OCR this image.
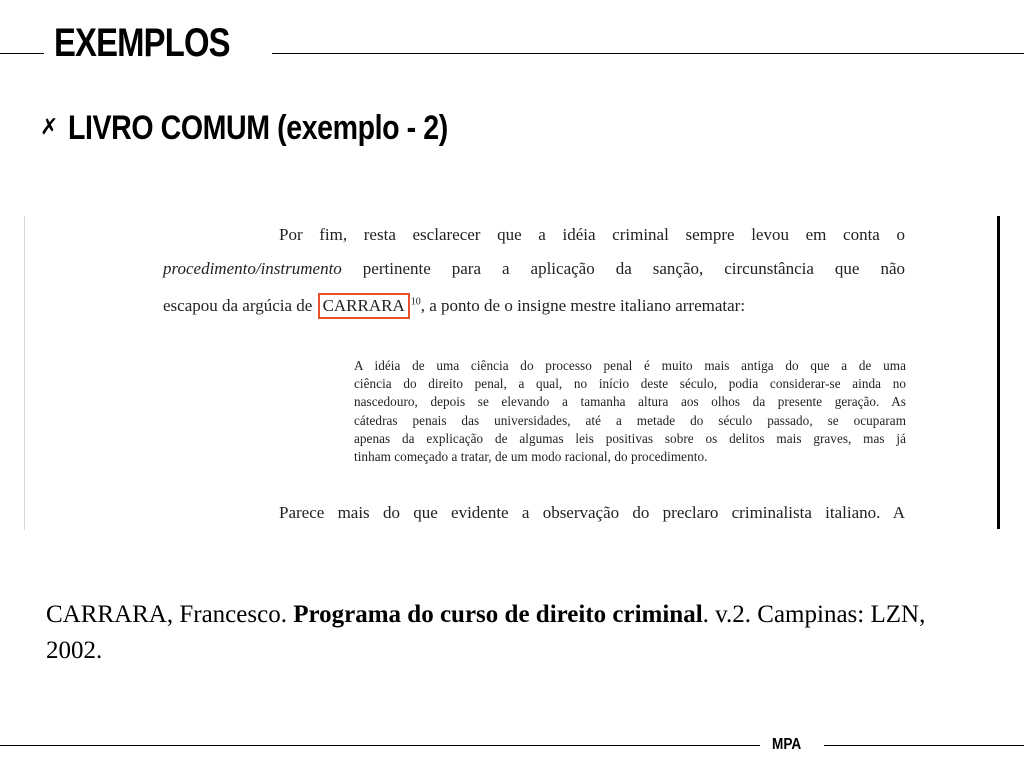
EXEMPLOS
✗ LIVRO COMUM (exemplo - 2)
Por fim, resta esclarecer que a idéia criminal sempre levou em conta o
procedimento/instrumento pertinente para a aplicação da sanção, circunstância que não
escapou da argúcia de CARRARA $^{10}$, a ponto de o insigne mestre italiano arrematar:
A idéia de uma ciência do processo penal é muito mais antiga do que a de uma
ciência do direito penal, a qual, no início deste século, podia considerar-se ainda no
nascedouro, depois se elevando a tamanha altura aos olhos da presente geração. As
cátedras penais das universidades, até a metade do século passado, se ocuparam
apenas da explicação de algumas leis positivas sobre os delitos mais graves, mas já
tinham começado a tratar, de um modo racional, do procedimento.
Parece mais do que evidente a observação do preclaro criminalista italiano. A

CARRARA, Francesco. Programa do curso de direito criminal. v.2. Campinas: LZN, 2002.

MPA
